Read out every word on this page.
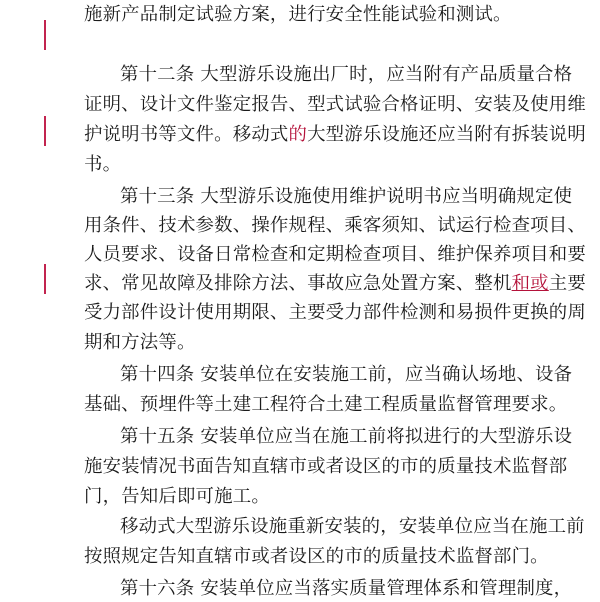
施新产品制定试验方案，进行安全性能试验和测试。
第十二条 大型游乐设施出厂时，应当附有产品质量合格
证明、设计文件鉴定报告、型式试验合格证明、安装及使用维
护说明书等文件。移动式的大型游乐设施还应当附有拆装说明
书。
第十三条 大型游乐设施使用维护说明书应当明确规定使
用条件、技术参数、操作规程、乘客须知、试运行检查项目、
人员要求、设备日常检查和定期检查项目、维护保养项目和要
求、常见故障及排除方法、事故应急处置方案、整机和或主要
受力部件设计使用期限、主要受力部件检测和易损件更换的周
期和方法等。
第十四条 安装单位在安装施工前，应当确认场地、设备
基础、预埋件等土建工程符合土建工程质量监督管理要求。
第十五条 安装单位应当在施工前将拟进行的大型游乐设
施安装情况书面告知直辖市或者设区的市的质量技术监督部
门，告知后即可施工。
移动式大型游乐设施重新安装的，安装单位应当在施工前
按照规定告知直辖市或者设区的市的质量技术监督部门。
第十六条 安装单位应当落实质量管理体系和管理制度，
